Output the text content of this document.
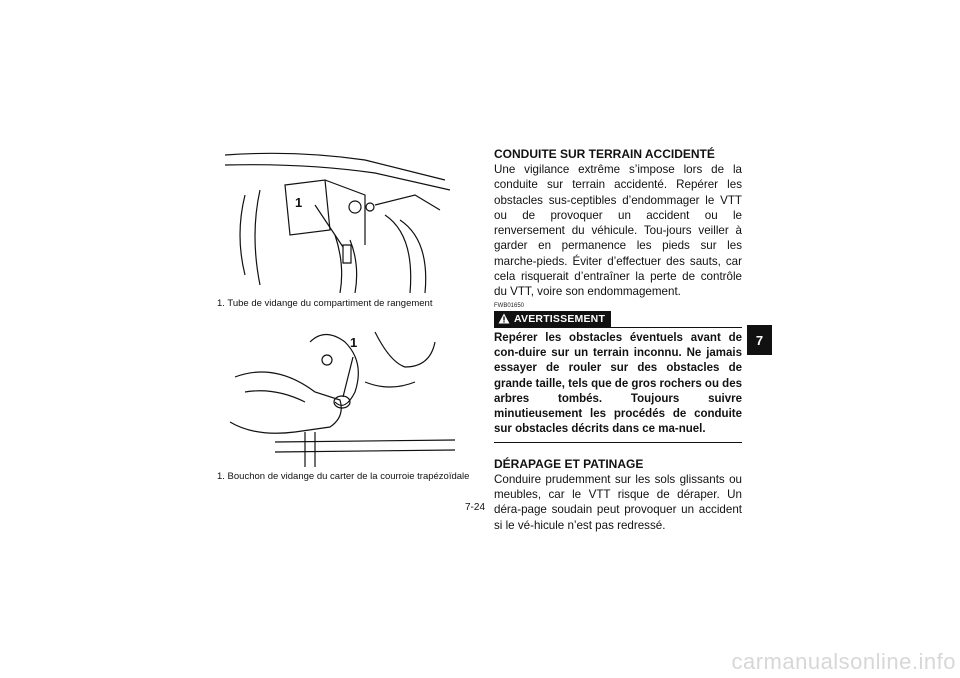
1
1. Tube de vidange du compartiment de rangement
1
1. Bouchon de vidange du carter de la courroie trapézoïdale

CONDUITE SUR TERRAIN ACCIDENTÉ

Une vigilance extrême s’impose lors de la conduite sur terrain accidenté. Repérer les obstacles sus-ceptibles d’endommager le VTT ou de provoquer un accident ou le renversement du véhicule. Tou-jours veiller à garder en permanence les pieds sur les marche-pieds. Éviter d’effectuer des sauts, car cela risquerait d’entraîner la perte de contrôle du VTT, voire son endommagement.

FWB01650
AVERTISSEMENT

Repérer les obstacles éventuels avant de con-duire sur un terrain inconnu. Ne jamais essayer de rouler sur des obstacles de grande taille, tels que de gros rochers ou des arbres tombés. Toujours suivre minutieusement les procédés de conduite sur obstacles décrits dans ce ma-nuel.

DÉRAPAGE ET PATINAGE

Conduire prudemment sur les sols glissants ou meubles, car le VTT risque de déraper. Un déra-page soudain peut provoquer un accident si le vé-hicule n’est pas redressé.

7-24
7
carmanualsonline.info
